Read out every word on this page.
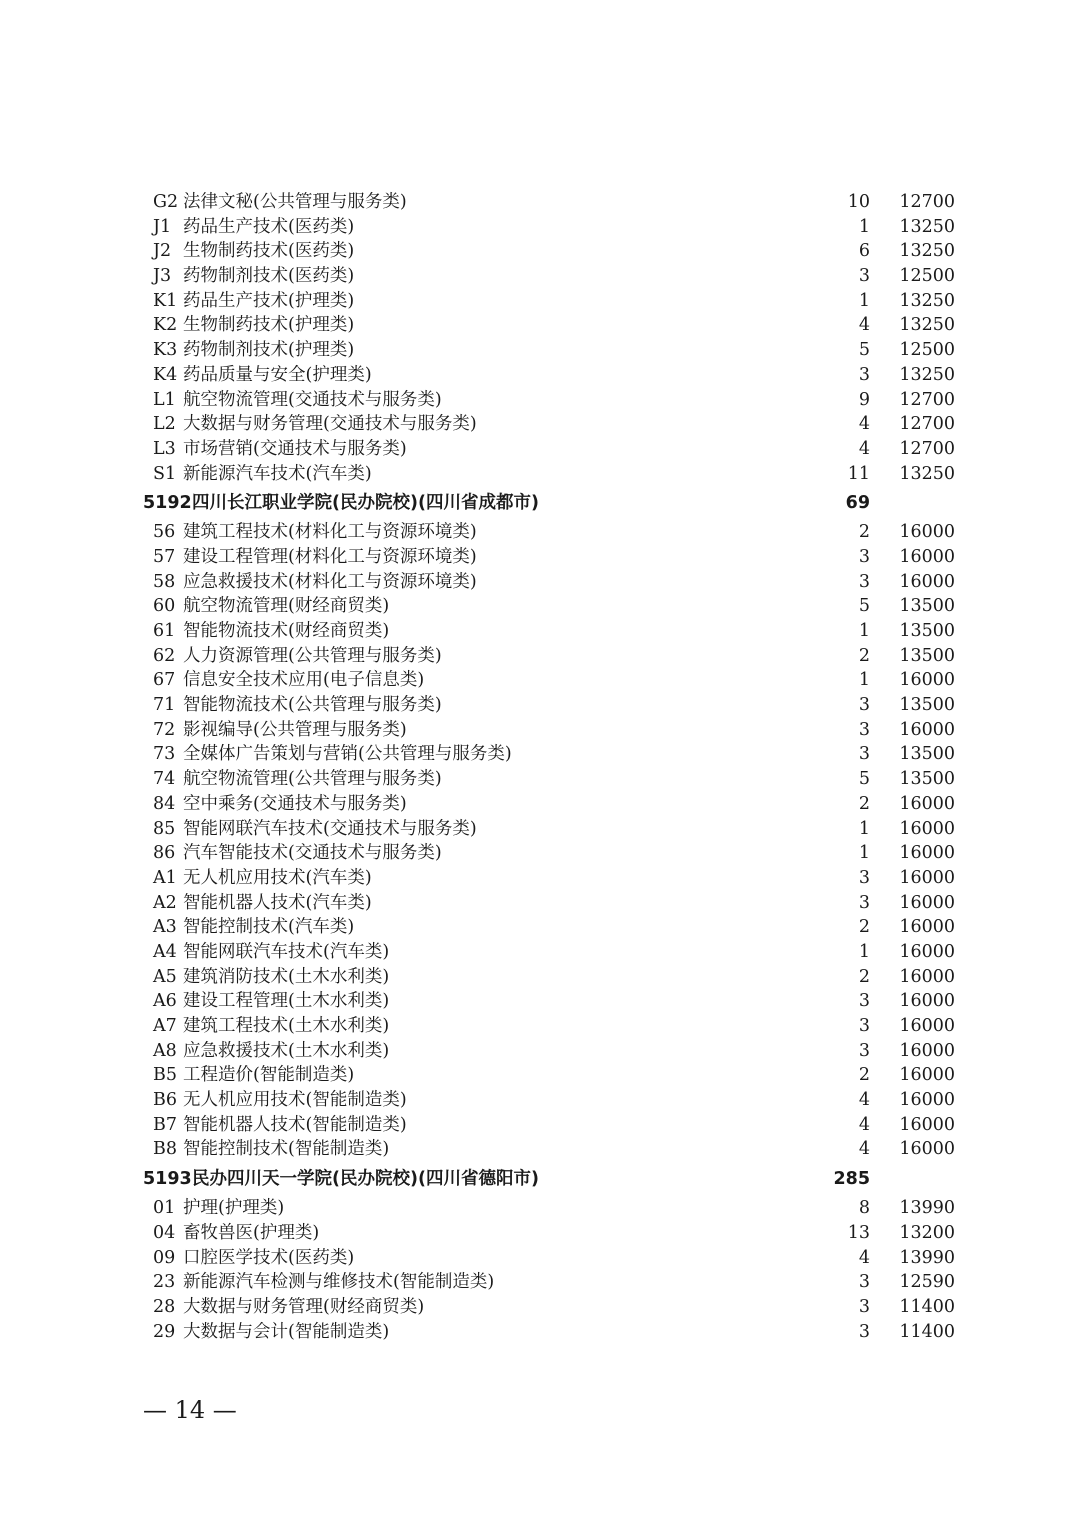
G2 法律文秘(公共管理与服务类)	10 12700
J1 药品生产技术(医药类)	1 13250
J2 生物制药技术(医药类)	6 13250
J3 药物制剂技术(医药类)	3 12500
K1 药品生产技术(护理类)	1 13250
K2 生物制药技术(护理类)	4 13250
K3 药物制剂技术(护理类)	5 12500
K4 药品质量与安全(护理类)	3 13250
L1 航空物流管理(交通技术与服务类)	9 12700
L2 大数据与财务管理(交通技术与服务类)	4 12700
L3 市场营销(交通技术与服务类)	4 12700
S1 新能源汽车技术(汽车类)	11 13250
5192 四川长江职业学院(民办院校)(四川省成都市)	69
56 建筑工程技术(材料化工与资源环境类)	2 16000
57 建设工程管理(材料化工与资源环境类)	3 16000
58 应急救援技术(材料化工与资源环境类)	3 16000
60 航空物流管理(财经商贸类)	5 13500
61 智能物流技术(财经商贸类)	1 13500
62 人力资源管理(公共管理与服务类)	2 13500
67 信息安全技术应用(电子信息类)	1 16000
71 智能物流技术(公共管理与服务类)	3 13500
72 影视编导(公共管理与服务类)	3 16000
73 全媒体广告策划与营销(公共管理与服务类)	3 13500
74 航空物流管理(公共管理与服务类)	5 13500
84 空中乘务(交通技术与服务类)	2 16000
85 智能网联汽车技术(交通技术与服务类)	1 16000
86 汽车智能技术(交通技术与服务类)	1 16000
A1 无人机应用技术(汽车类)	3 16000
A2 智能机器人技术(汽车类)	3 16000
A3 智能控制技术(汽车类)	2 16000
A4 智能网联汽车技术(汽车类)	1 16000
A5 建筑消防技术(土木水利类)	2 16000
A6 建设工程管理(土木水利类)	3 16000
A7 建筑工程技术(土木水利类)	3 16000
A8 应急救援技术(土木水利类)	3 16000
B5 工程造价(智能制造类)	2 16000
B6 无人机应用技术(智能制造类)	4 16000
B7 智能机器人技术(智能制造类)	4 16000
B8 智能控制技术(智能制造类)	4 16000
5193 民办四川天一学院(民办院校)(四川省德阳市)	285
01 护理(护理类)	8 13990
04 畜牧兽医(护理类)	13 13200
09 口腔医学技术(医药类)	4 13990
23 新能源汽车检测与维修技术(智能制造类)	3 12590
28 大数据与财务管理(财经商贸类)	3 11400
29 大数据与会计(智能制造类)	3 11400
— 14 —
